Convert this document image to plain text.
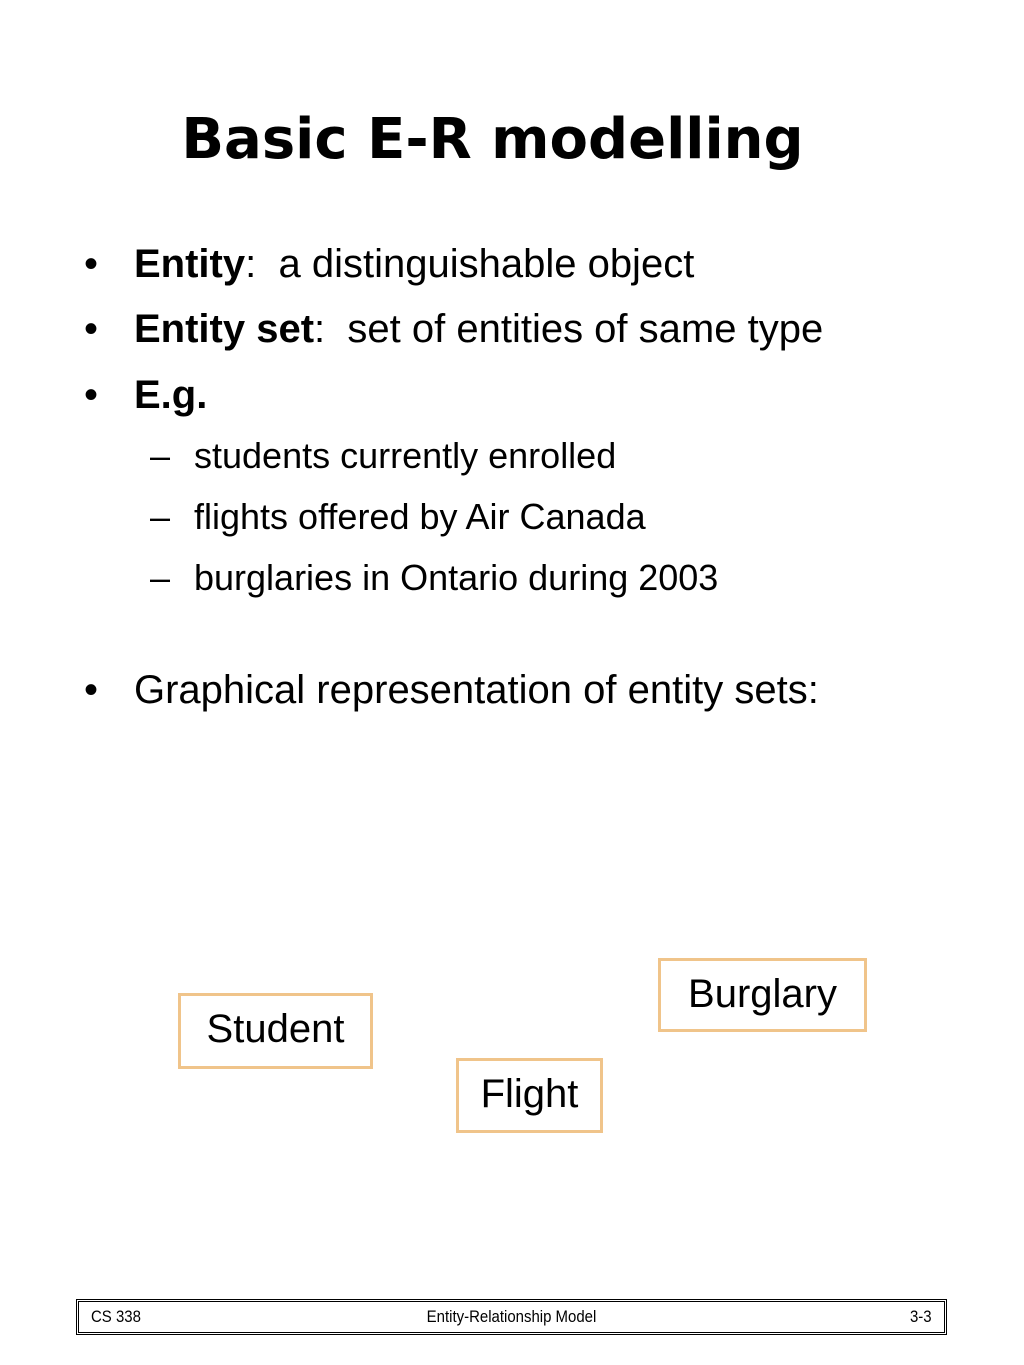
Basic E-R modelling
• Entity:  a distinguishable object
• Entity set:  set of entities of same type
• E.g.
– students currently enrolled
– flights offered by Air Canada
– burglaries in Ontario during 2003
• Graphical representation of entity sets:
Burglary
Student
Flight
CS 338	Entity-Relationship Model	3-3
